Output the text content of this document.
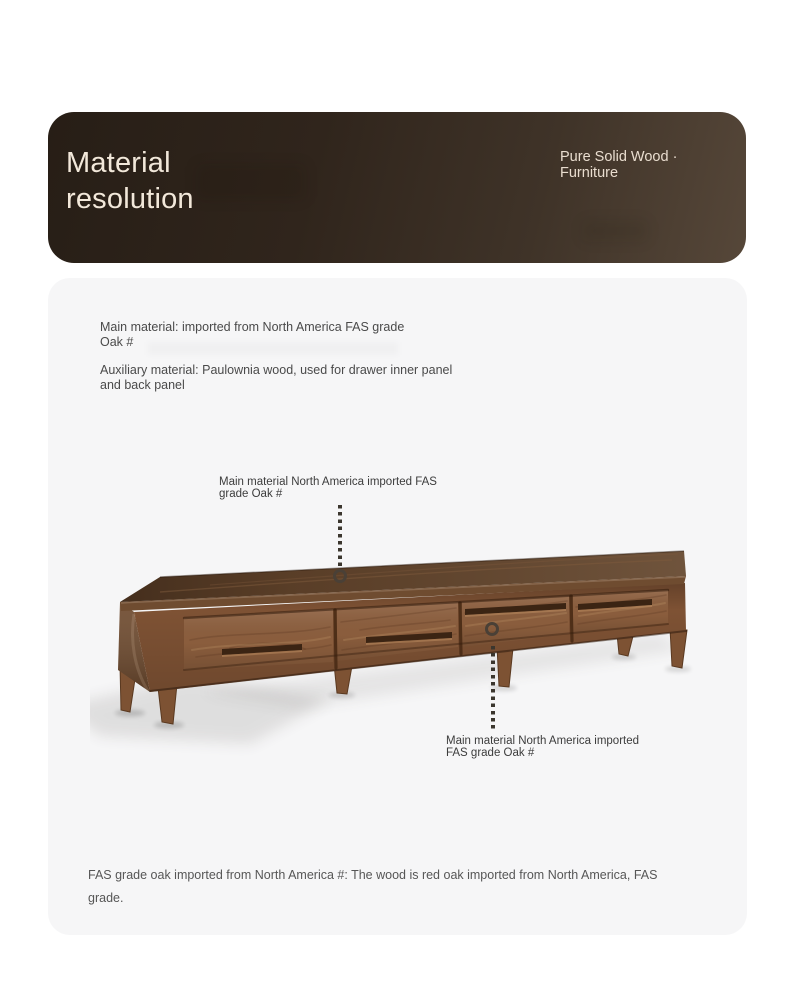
Material
resolution
Pure Solid Wood ·
Furniture
Main material: imported from North America FAS grade
Oak #
Auxiliary material: Paulownia wood, used for drawer inner panel
and back panel
Main material North America imported FAS
grade Oak #
Main material North America imported
FAS grade Oak #
FAS grade oak imported from North America #: The wood is red oak imported from North America, FAS
grade.
